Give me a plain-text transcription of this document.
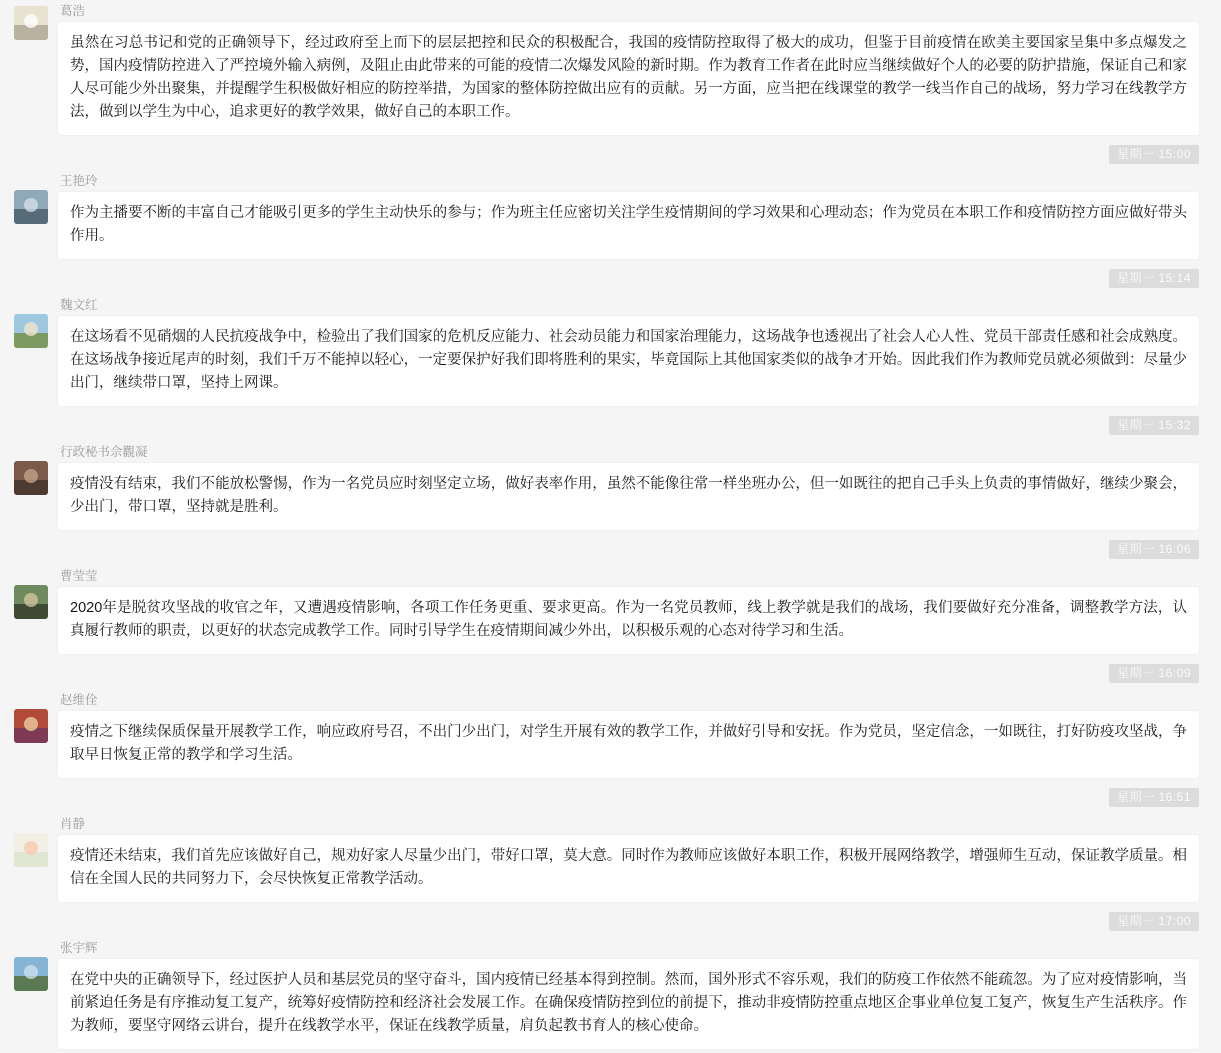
葛浩
虽然在习总书记和党的正确领导下，经过政府至上而下的层层把控和民众的积极配合，我国的疫情防控取得了极大的成功，但鉴于目前疫情在欧美主要国家呈集中多点爆发之势，国内疫情防控进入了严控境外输入病例，及阻止由此带来的可能的疫情二次爆发风险的新时期。作为教育工作者在此时应当继续做好个人的必要的防护措施，保证自己和家人尽可能少外出聚集，并提醒学生积极做好相应的防控举措，为国家的整体防控做出应有的贡献。另一方面，应当把在线课堂的教学一线当作自己的战场，努力学习在线教学方法，做到以学生为中心，追求更好的教学效果，做好自己的本职工作。
星期一 15:00
王艳玲
作为主播要不断的丰富自己才能吸引更多的学生主动快乐的参与；作为班主任应密切关注学生疫情期间的学习效果和心理动态；作为党员在本职工作和疫情防控方面应做好带头作用。
星期一 15:14
魏文红
在这场看不见硝烟的人民抗疫战争中，检验出了我们国家的危机反应能力、社会动员能力和国家治理能力，这场战争也透视出了社会人心人性、党员干部责任感和社会成熟度。在这场战争接近尾声的时刻，我们千万不能掉以轻心，一定要保护好我们即将胜利的果实，毕竟国际上其他国家类似的战争才开始。因此我们作为教师党员就必须做到：尽量少出门，继续带口罩，坚持上网课。
星期一 15:32
行政秘书佘觀凝
疫情没有结束，我们不能放松警惕，作为一名党员应时刻坚定立场，做好表率作用，虽然不能像往常一样坐班办公，但一如既往的把自己手头上负责的事情做好，继续少聚会，少出门，带口罩，坚持就是胜利。
星期一 16:06
曹莹莹
2020年是脱贫攻坚战的收官之年，又遭遇疫情影响，各项工作任务更重、要求更高。作为一名党员教师，线上教学就是我们的战场，我们要做好充分准备，调整教学方法，认真履行教师的职责，以更好的状态完成教学工作。同时引导学生在疫情期间减少外出，以积极乐观的心态对待学习和生活。
星期一 16:09
赵维佺
疫情之下继续保质保量开展教学工作，响应政府号召，不出门少出门，对学生开展有效的教学工作，并做好引导和安抚。作为党员，坚定信念，一如既往，打好防疫攻坚战，争取早日恢复正常的教学和学习生活。
星期一 16:51
肖静
疫情还未结束，我们首先应该做好自己，规劝好家人尽量少出门，带好口罩，莫大意。同时作为教师应该做好本职工作，积极开展网络教学，增强师生互动，保证教学质量。相信在全国人民的共同努力下，会尽快恢复正常教学活动。
星期一 17:00
张宇辉
在党中央的正确领导下，经过医护人员和基层党员的坚守奋斗，国内疫情已经基本得到控制。然而，国外形式不容乐观，我们的防疫工作依然不能疏忽。为了应对疫情影响，当前紧迫任务是有序推动复工复产，统筹好疫情防控和经济社会发展工作。在确保疫情防控到位的前提下，推动非疫情防控重点地区企事业单位复工复产，恢复生产生活秩序。作为教师，要坚守网络云讲台，提升在线教学水平，保证在线教学质量，肩负起教书育人的核心使命。
